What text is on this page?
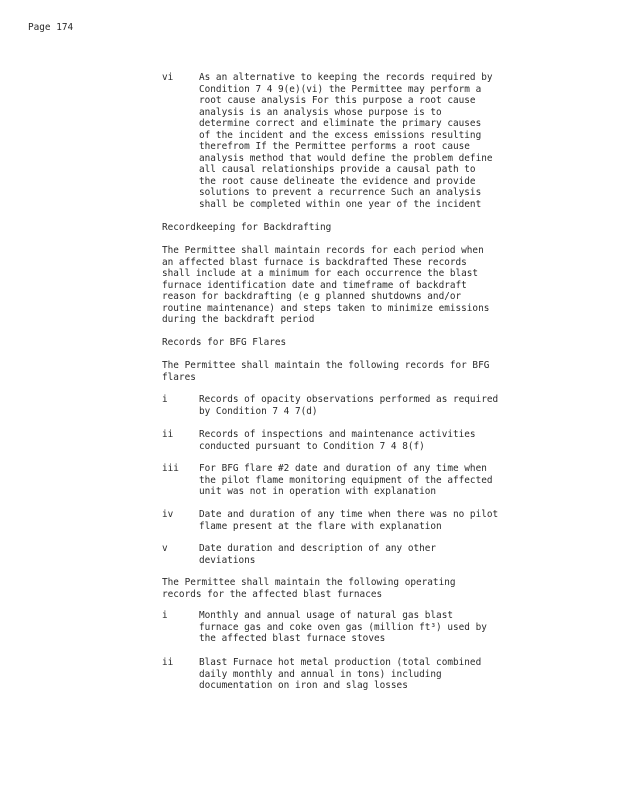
Page 174
vi	As an alternative to keeping the records required by
Condition 7 4 9(e)(vi) the Permittee may perform a
root cause analysis For this purpose a root cause
analysis is an analysis whose purpose is to
determine correct and eliminate the primary causes
of the incident and the excess emissions resulting
therefrom If the Permittee performs a root cause
analysis method that would define the problem define
all causal relationships provide a causal path to
the root cause delineate the evidence and provide
solutions to prevent a recurrence Such an analysis
shall be completed within one year of the incident
Recordkeeping for Backdrafting
The Permittee shall maintain records for each period when
an affected blast furnace is backdrafted These records
shall include at a minimum for each occurrence the blast
furnace identification date and timeframe of backdraft
reason for backdrafting (e g planned shutdowns and/or
routine maintenance) and steps taken to minimize emissions
during the backdraft period
Records for BFG Flares
The Permittee shall maintain the following records for BFG
flares
i	Records of opacity observations performed as required
by Condition 7 4 7(d)
ii	Records of inspections and maintenance activities
conducted pursuant to Condition 7 4 8(f)
iii For BFG flare #2 date and duration of any time when
the pilot flame monitoring equipment of the affected
unit was not in operation with explanation
iv	Date and duration of any time when there was no pilot
flame present at the flare with explanation
v	Date duration and description of any other
deviations
The Permittee shall maintain the following operating
records for the affected blast furnaces
i	Monthly and annual usage of natural gas blast
furnace gas and coke oven gas (million ft³) used by
the affected blast furnace stoves
ii	Blast Furnace hot metal production (total combined
daily monthly and annual in tons) including
documentation on iron and slag losses
